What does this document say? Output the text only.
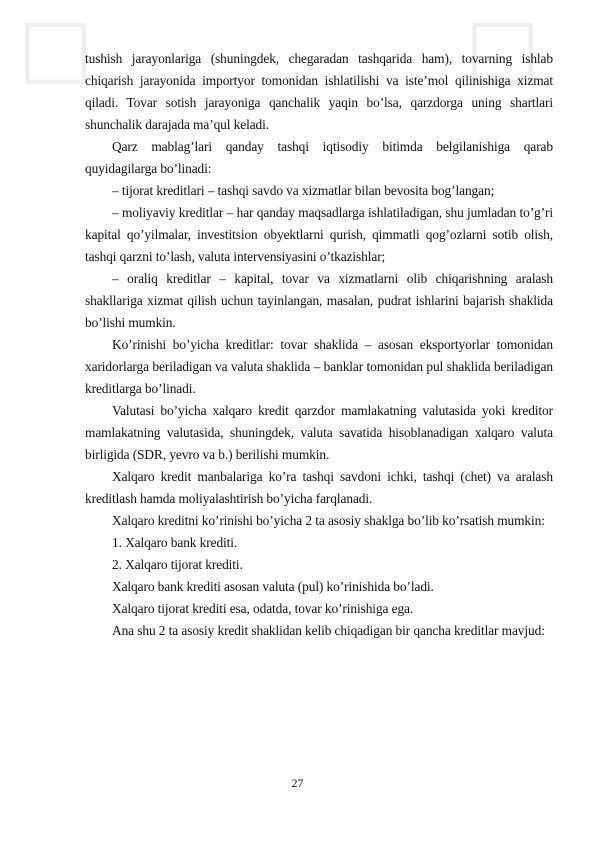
□	□

tushish jarayonlariga (shuningdek, chegaradan tashqarida ham), tovarning ishlab chiqarish jarayonida importyor tomonidan ishlatilishi va iste’mol qilinishiga xizmat qiladi. Tovar sotish jarayoniga qanchalik yaqin bo’lsa, qarzdorga uning shartlari shunchalik darajada ma’qul keladi.

Qarz mablag’lari qanday tashqi iqtisodiy bitimda belgilanishiga qarab quyidagilarga bo’linadi:

– tijorat kreditlari – tashqi savdo va xizmatlar bilan bevosita bog’langan;

– moliyaviy kreditlar – har qanday maqsadlarga ishlatiladigan, shu jumladan to’g’ri kapital qo’yilmalar, investitsion obyektlarni qurish, qimmatli qog’ozlarni sotib olish, tashqi qarzni to’lash, valuta intervensiyasini o’tkazishlar;

– oraliq kreditlar – kapital, tovar va xizmatlarni olib chiqarishning aralash shakllariga xizmat qilish uchun tayinlangan, masalan, pudrat ishlarini bajarish shaklida bo’lishi mumkin.

Ko’rinishi bo’yicha kreditlar: tovar shaklida – asosan eksportyorlar tomonidan xaridorlarga beriladigan va valuta shaklida – banklar tomonidan pul shaklida beriladigan kreditlarga bo’linadi.

Valutasi bo’yicha xalqaro kredit qarzdor mamlakatning valutasida yoki kreditor mamlakatning valutasida, shuningdek, valuta savatida hisoblanadigan xalqaro valuta birligida (SDR, yevro va b.) berilishi mumkin.

Xalqaro kredit manbalariga ko’ra tashqi savdoni ichki, tashqi (chet) va aralash kreditlash hamda moliyalashtirish bo’yicha farqlanadi.

Xalqaro kreditni ko’rinishi bo’yicha 2 ta asosiy shaklga bo’lib ko’rsatish mumkin:

1. Xalqaro bank krediti.

2. Xalqaro tijorat krediti.

Xalqaro bank krediti asosan valuta (pul) ko’rinishida bo’ladi.

Xalqaro tijorat krediti esa, odatda, tovar ko’rinishiga ega.

Ana shu 2 ta asosiy kredit shaklidan kelib chiqadigan bir qancha kreditlar mavjud:

27
